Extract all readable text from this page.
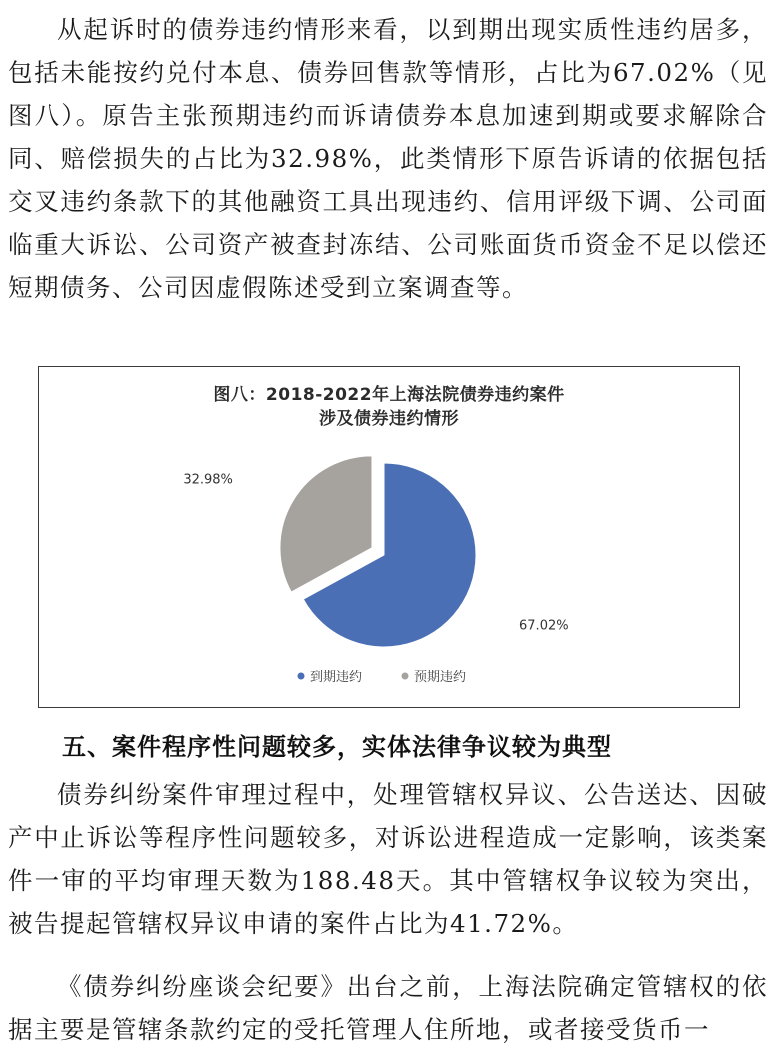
从起诉时的债券违约情形来看，以到期出现实质性违约居多，包括未能按约兑付本息、债券回售款等情形，占比为67.02%（见图八）。原告主张预期违约而诉请债券本息加速到期或要求解除合同、赔偿损失的占比为32.98%，此类情形下原告诉请的依据包括交叉违约条款下的其他融资工具出现违约、信用评级下调、公司面临重大诉讼、公司资产被查封冻结、公司账面货币资金不足以偿还短期债务、公司因虚假陈述受到立案调查等。

图八：2018-2022年上海法院债券违约案件
涉及债券违约情形
67.02%
32.98%
到期违约	预期违约
五、案件程序性问题较多，实体法律争议较为典型

债券纠纷案件审理过程中，处理管辖权异议、公告送达、因破产中止诉讼等程序性问题较多，对诉讼进程造成一定影响，该类案件一审的平均审理天数为188.48天。其中管辖权争议较为突出，被告提起管辖权异议申请的案件占比为41.72%。

《债券纠纷座谈会纪要》出台之前，上海法院确定管辖权的依据主要是管辖条款约定的受托管理人住所地，或者接受货币一
